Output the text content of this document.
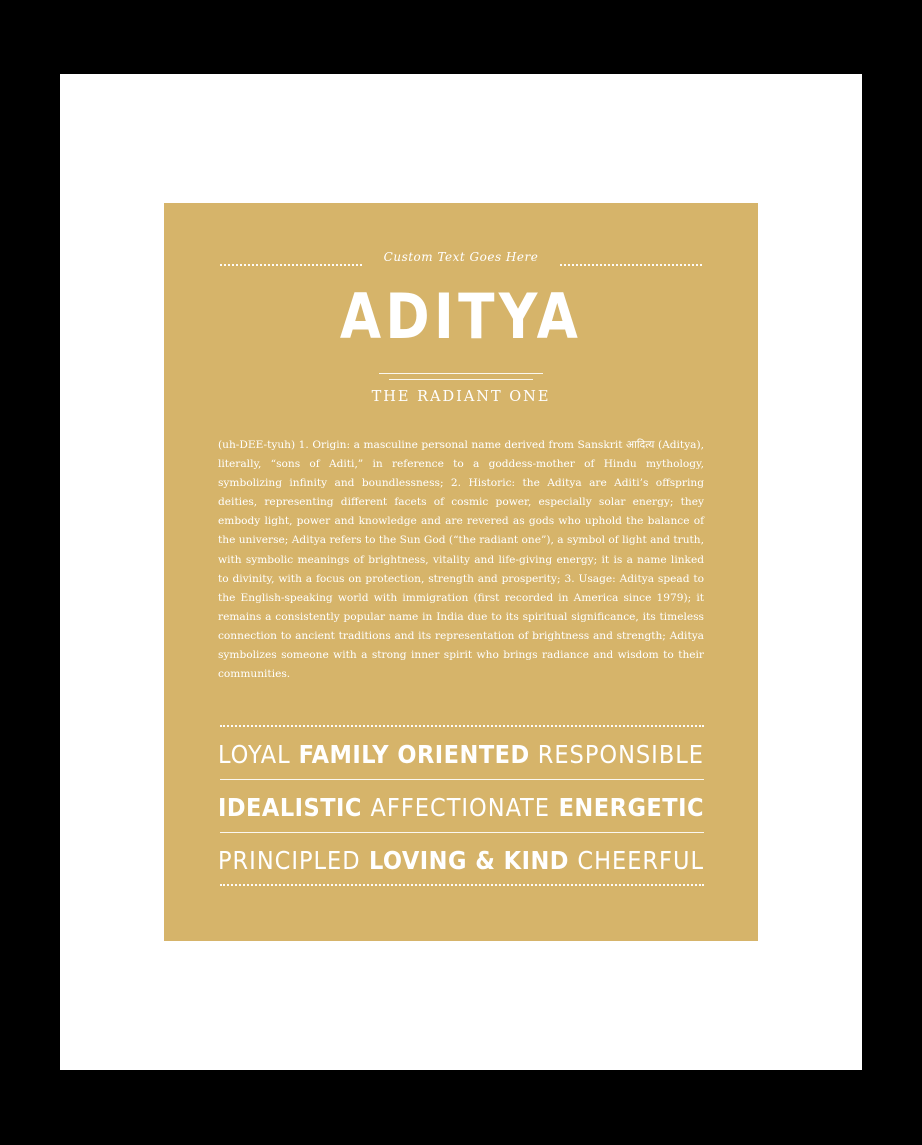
Custom Text Goes Here
ADITYA
THE RADIANT ONE
(uh-DEE-tyuh) 1. Origin: a masculine personal name derived from Sanskrit आदित्य (Aditya), literally, “sons of Aditi,” in reference to a goddess-mother of Hindu mythology, symbolizing infinity and boundlessness; 2. Historic: the Aditya are Aditi’s offspring deities, representing different facets of cosmic power, especially solar energy; they embody light, power and knowledge and are revered as gods who uphold the balance of the universe; Aditya refers to the Sun God (“the radiant one”), a symbol of light and truth, with symbolic meanings of brightness, vitality and life-giving energy; it is a name linked to divinity, with a focus on protection, strength and prosperity; 3. Usage: Aditya spead to the English-speaking world with immigration (first recorded in America since 1979); it remains a consistently popular name in India due to its spiritual significance, its timeless connection to ancient traditions and its representation of brightness and strength; Aditya symbolizes someone with a strong inner spirit who brings radiance and wisdom to their communities.
LOYAL FAMILY ORIENTED RESPONSIBLE
IDEALISTIC AFFECTIONATE ENERGETIC
PRINCIPLED LOVING & KIND CHEERFUL
